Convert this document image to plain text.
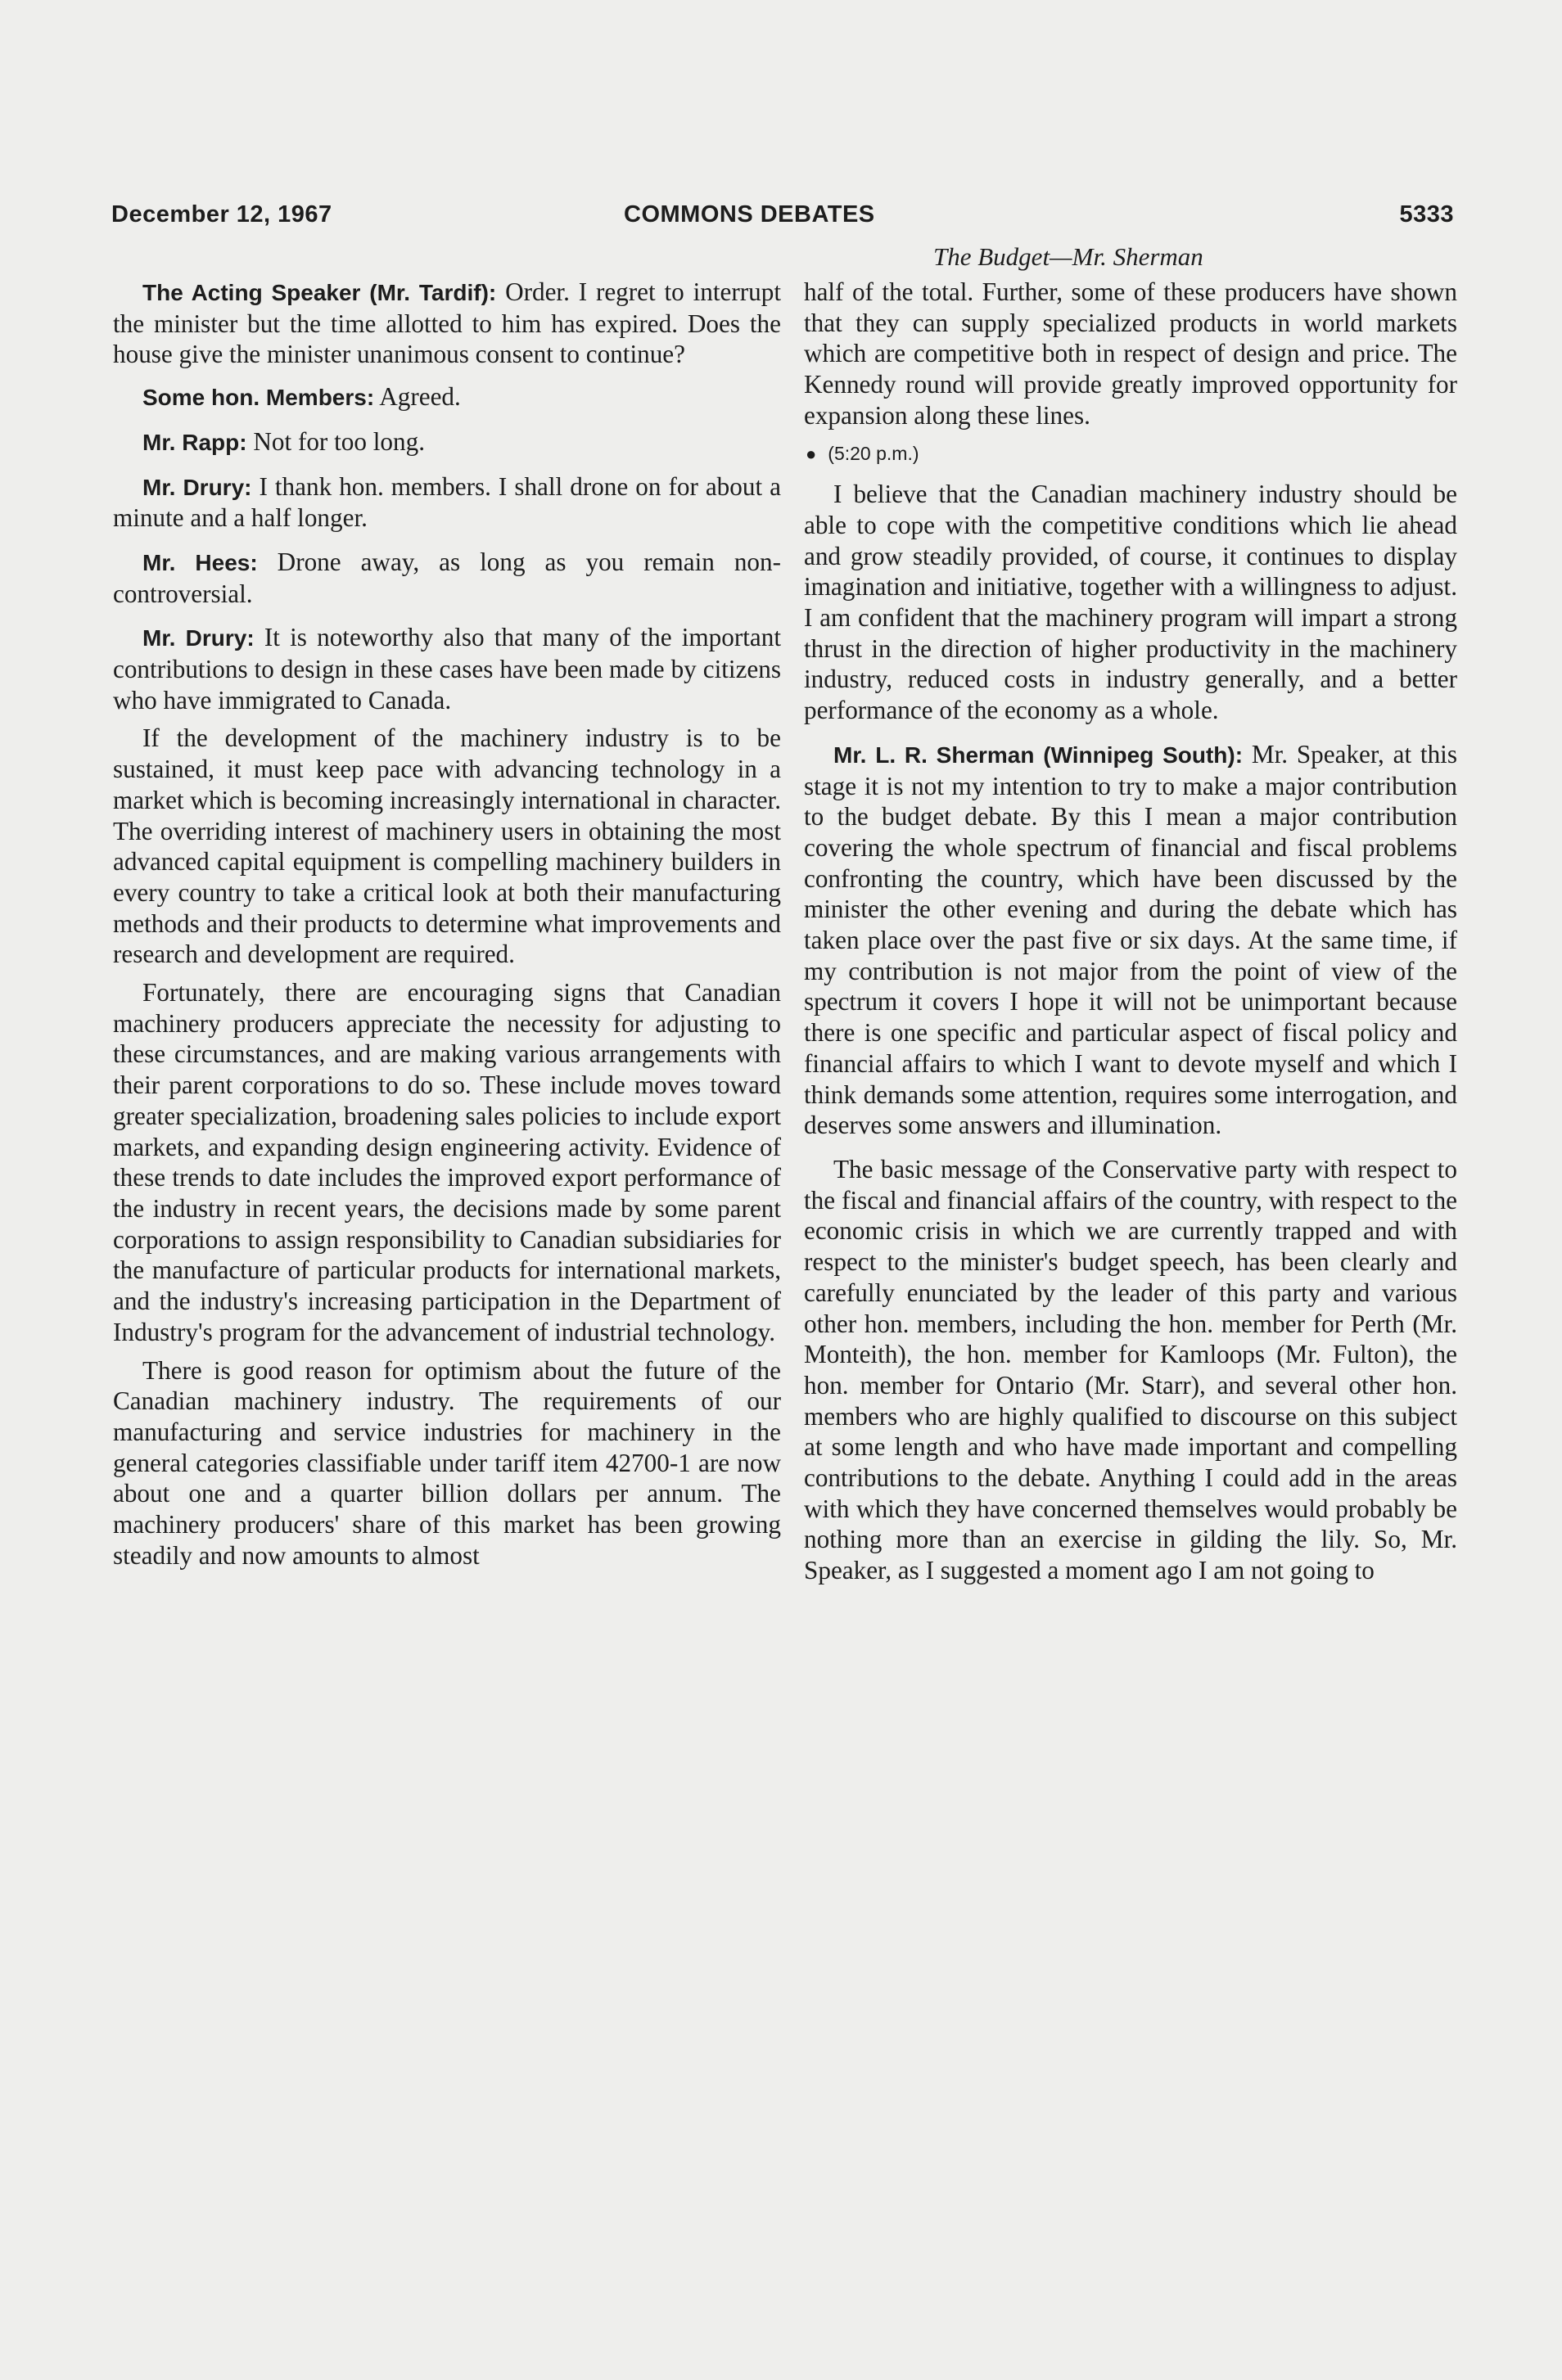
December 12, 1967	COMMONS DEBATES	5333
The Budget—Mr. Sherman

The Acting Speaker (Mr. Tardif): Order. I regret to interrupt the minister but the time allotted to him has expired. Does the house give the minister unanimous consent to continue?

Some hon. Members: Agreed.

Mr. Rapp: Not for too long.

Mr. Drury: I thank hon. members. I shall drone on for about a minute and a half longer.

Mr. Hees: Drone away, as long as you remain non-controversial.

Mr. Drury: It is noteworthy also that many of the important contributions to design in these cases have been made by citizens who have immigrated to Canada.

If the development of the machinery industry is to be sustained, it must keep pace with advancing technology in a market which is becoming increasingly international in character. The overriding interest of machinery users in obtaining the most advanced capital equipment is compelling machinery builders in every country to take a critical look at both their manufacturing methods and their products to determine what improvements and research and development are required.

Fortunately, there are encouraging signs that Canadian machinery producers appreciate the necessity for adjusting to these circumstances, and are making various arrangements with their parent corporations to do so. These include moves toward greater specialization, broadening sales policies to include export markets, and expanding design engineering activity. Evidence of these trends to date includes the improved export performance of the industry in recent years, the decisions made by some parent corporations to assign responsibility to Canadian subsidiaries for the manufacture of particular products for international markets, and the industry's increasing participation in the Department of Industry's program for the advancement of industrial technology.

There is good reason for optimism about the future of the Canadian machinery industry. The requirements of our manufacturing and service industries for machinery in the general categories classifiable under tariff item 42700-1 are now about one and a quarter billion dollars per annum. The machinery producers' share of this market has been growing steadily and now amounts to almost

half of the total. Further, some of these producers have shown that they can supply specialized products in world markets which are competitive both in respect of design and price. The Kennedy round will provide greatly improved opportunity for expansion along these lines.

● (5:20 p.m.)

I believe that the Canadian machinery industry should be able to cope with the competitive conditions which lie ahead and grow steadily provided, of course, it continues to display imagination and initiative, together with a willingness to adjust. I am confident that the machinery program will impart a strong thrust in the direction of higher productivity in the machinery industry, reduced costs in industry generally, and a better performance of the economy as a whole.

Mr. L. R. Sherman (Winnipeg South): Mr. Speaker, at this stage it is not my intention to try to make a major contribution to the budget debate. By this I mean a major contribution covering the whole spectrum of financial and fiscal problems confronting the country, which have been discussed by the minister the other evening and during the debate which has taken place over the past five or six days. At the same time, if my contribution is not major from the point of view of the spectrum it covers I hope it will not be unimportant because there is one specific and particular aspect of fiscal policy and financial affairs to which I want to devote myself and which I think demands some attention, requires some interrogation, and deserves some answers and illumination.

The basic message of the Conservative party with respect to the fiscal and financial affairs of the country, with respect to the economic crisis in which we are currently trapped and with respect to the minister's budget speech, has been clearly and carefully enunciated by the leader of this party and various other hon. members, including the hon. member for Perth (Mr. Monteith), the hon. member for Kamloops (Mr. Fulton), the hon. member for Ontario (Mr. Starr), and several other hon. members who are highly qualified to discourse on this subject at some length and who have made important and compelling contributions to the debate. Anything I could add in the areas with which they have concerned themselves would probably be nothing more than an exercise in gilding the lily. So, Mr. Speaker, as I suggested a moment ago I am not going to
